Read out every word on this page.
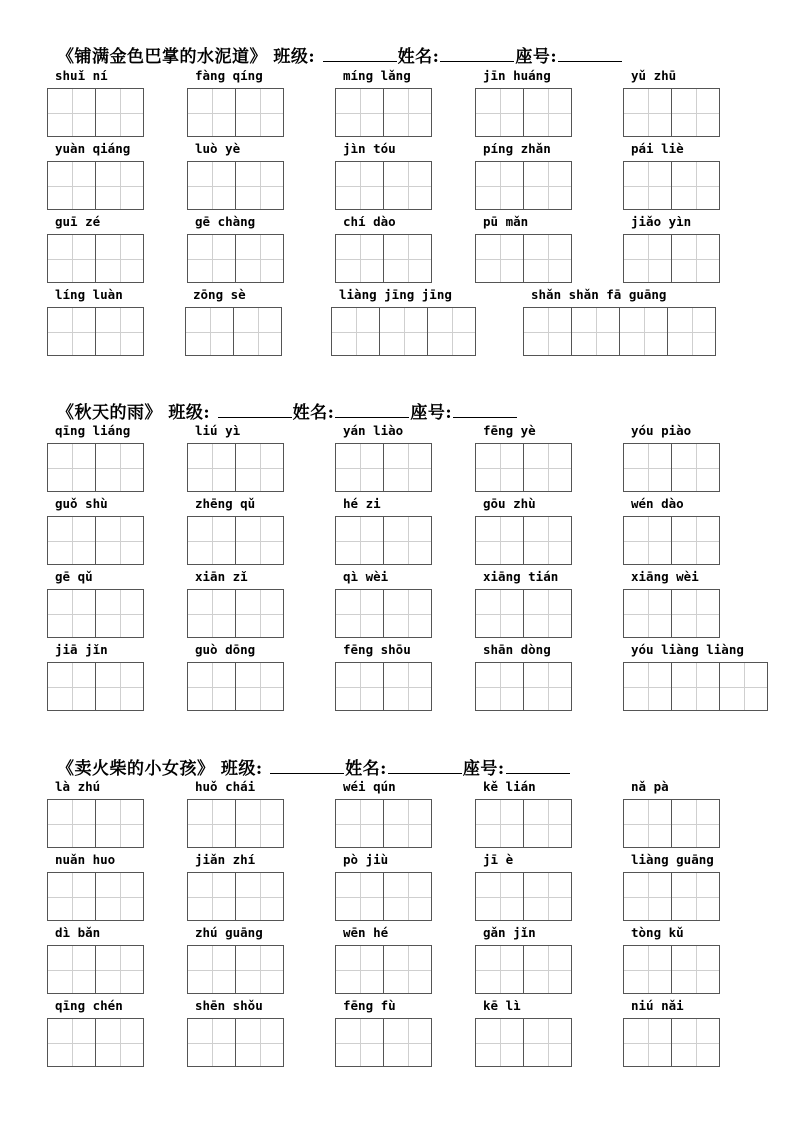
《铺满金色巴掌的水泥道》 班级:	姓名:	座号:
shuǐ ní	fàng qíng	míng lǎng	jīn huáng	yǔ zhū
yuàn qiáng	luò yè	jìn tóu	píng zhǎn	pái liè
guī zé	gē chàng	chí dào	pū mǎn	jiǎo yìn
líng luàn	zōng sè	liàng jīng jīng	shǎn shǎn fā guāng
《秋天的雨》 班级:	姓名:	座号:
qīng liáng	liú yì	yán liào	fēng yè	yóu piào
guǒ shù	zhēng qǔ	hé zi	gōu zhù	wén dào
gē qǔ	xiān zǐ	qì wèi	xiāng tián	xiāng wèi
jiā jǐn	guò dōng	fēng shōu	shān dòng	yóu liàng liàng
《卖火柴的小女孩》 班级:	姓名:	座号:
là zhú	huǒ chái	wéi qún	kě lián	nǎ pà
nuǎn huo	jiǎn zhí	pò jiù	jī è	liàng guāng
dì bǎn	zhú guāng	wēn hé	gǎn jǐn	tòng kǔ
qīng chén	shēn shǒu	fēng fù	kē lì	niú nǎi
